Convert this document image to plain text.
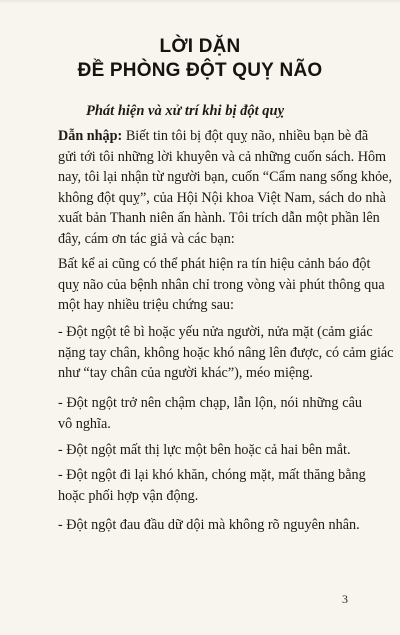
LỜI DẶN
ĐỀ PHÒNG ĐỘT QUỴ NÃO
Phát hiện và xử trí khi bị đột quỵ

Dẫn nhập: Biết tin tôi bị đột quỵ não, nhiều bạn bè đã
gửi tới tôi những lời khuyên và cả những cuốn sách. Hôm
nay, tôi lại nhận từ người bạn, cuốn “Cẩm nang sống khỏe,
không đột quỵ”, của Hội Nội khoa Việt Nam, sách do nhà
xuất bản Thanh niên ấn hành. Tôi trích dẫn một phần lên
đây, cám ơn tác giả và các bạn:

Bất kể ai cũng có thể phát hiện ra tín hiệu cảnh báo đột
quỵ não của bệnh nhân chỉ trong vòng vài phút thông qua
một hay nhiều triệu chứng sau:

- Đột ngột tê bì hoặc yếu nửa người, nửa mặt (cảm giác
nặng tay chân, không hoặc khó nâng lên được, có cảm giác
như “tay chân của người khác”), méo miệng.

- Đột ngột trở nên chậm chạp, lẫn lộn, nói những câu
vô nghĩa.

- Đột ngột mất thị lực một bên hoặc cả hai bên mắt.

- Đột ngột đi lại khó khăn, chóng mặt, mất thăng bằng
hoặc phối hợp vận động.

- Đột ngột đau đầu dữ dội mà không rõ nguyên nhân.

3
